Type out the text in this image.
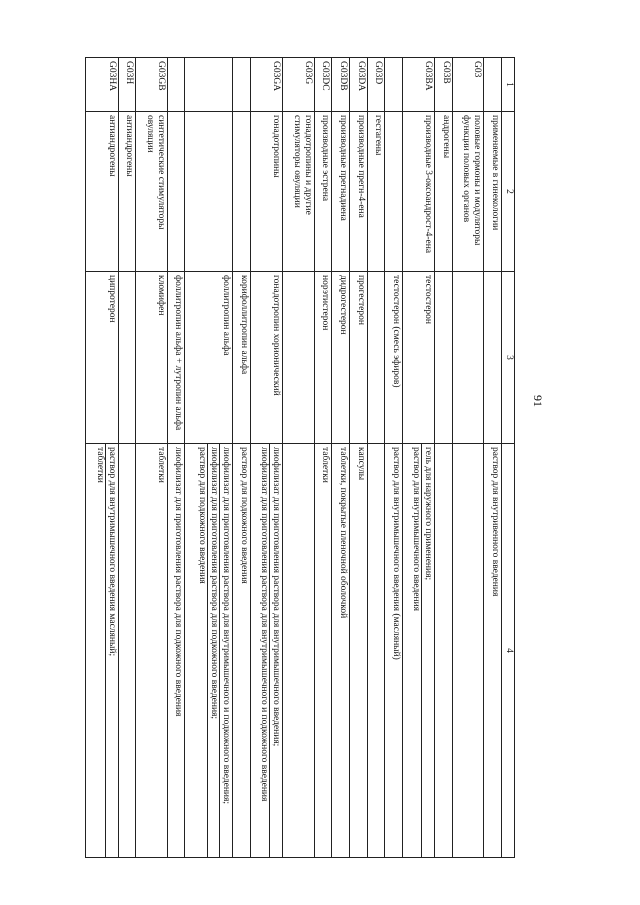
91
1	2	3	4
	применяемые в гинекологии		раствор для внутривенного введения

G03	половые гормоны и модуляторы функции половых органов		
G03B	андрогены		
G03BA	производные 3-оксоандрост-4-ена	тестостерон	гель для наружного применения;
раствор для внутримышечного введения

		тестостерон (смесь эфиров)	раствор для внутримышечного введения (масляный)

G03D	гестагены		
G03DA	производные прегн-4-ена	прогестерон	капсулы

G03DB	производные прегнадиена	дидрогестерон	таблетки, покрытые пленочной оболочкой

G03DC	производные эстрена	норэтистерон	таблетки

G03G	гонадотропины и другие стимуляторы овуляции		
G03GA	гонадотропины	гонадотропин хорионический	лиофилизат для приготовления раствора для внутримышечного введения;
лиофилизат для приготовления раствора для внутримышечного и подкожного введения

		корифоллитропин альфа	раствор для подкожного введения

		фоллитропин альфа	лиофилизат для приготовления раствора для внутримышечного и подкожного введения;
лиофилизат для приготовления раствора для подкожного введения;
раствор для подкожного введения

		фоллитропин альфа + лутропин альфа	лиофилизат для приготовления раствора для подкожного введения

G03GB	синтетические стимуляторы овуляции	кломифен	таблетки

G03H	антиандрогены		
G03HA	антиандрогены	ципротерон	раствор для внутримышечного введения масляный;
таблетки
